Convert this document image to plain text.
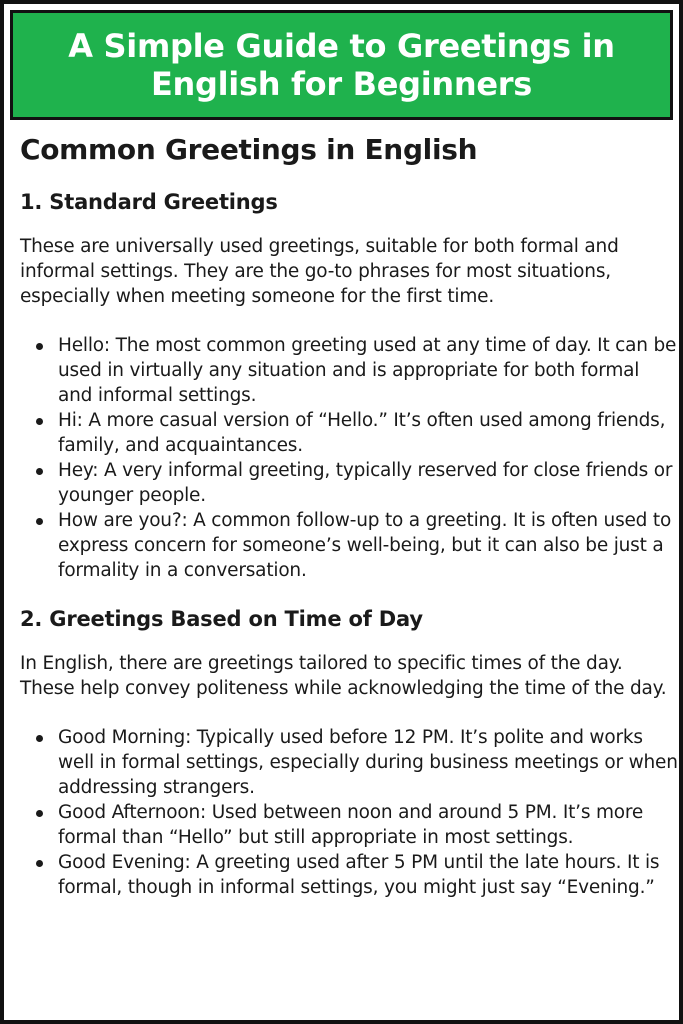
A Simple Guide to Greetings in
English for Beginners
Common Greetings in English
1. Standard Greetings

These are universally used greetings, suitable for both formal and informal settings. They are the go-to phrases for most situations, especially when meeting someone for the first time.

Hello: The most common greeting used at any time of day. It can be used in virtually any situation and is appropriate for both formal and informal settings.
Hi: A more casual version of “Hello.” It’s often used among friends, family, and acquaintances.
Hey: A very informal greeting, typically reserved for close friends or younger people.
How are you?: A common follow-up to a greeting. It is often used to express concern for someone’s well-being, but it can also be just a formality in a conversation.
2. Greetings Based on Time of Day

In English, there are greetings tailored to specific times of the day. These help convey politeness while acknowledging the time of the day.

Good Morning: Typically used before 12 PM. It’s polite and works well in formal settings, especially during business meetings or when addressing strangers.
Good Afternoon: Used between noon and around 5 PM. It’s more formal than “Hello” but still appropriate in most settings.
Good Evening: A greeting used after 5 PM until the late hours. It is formal, though in informal settings, you might just say “Evening.”
